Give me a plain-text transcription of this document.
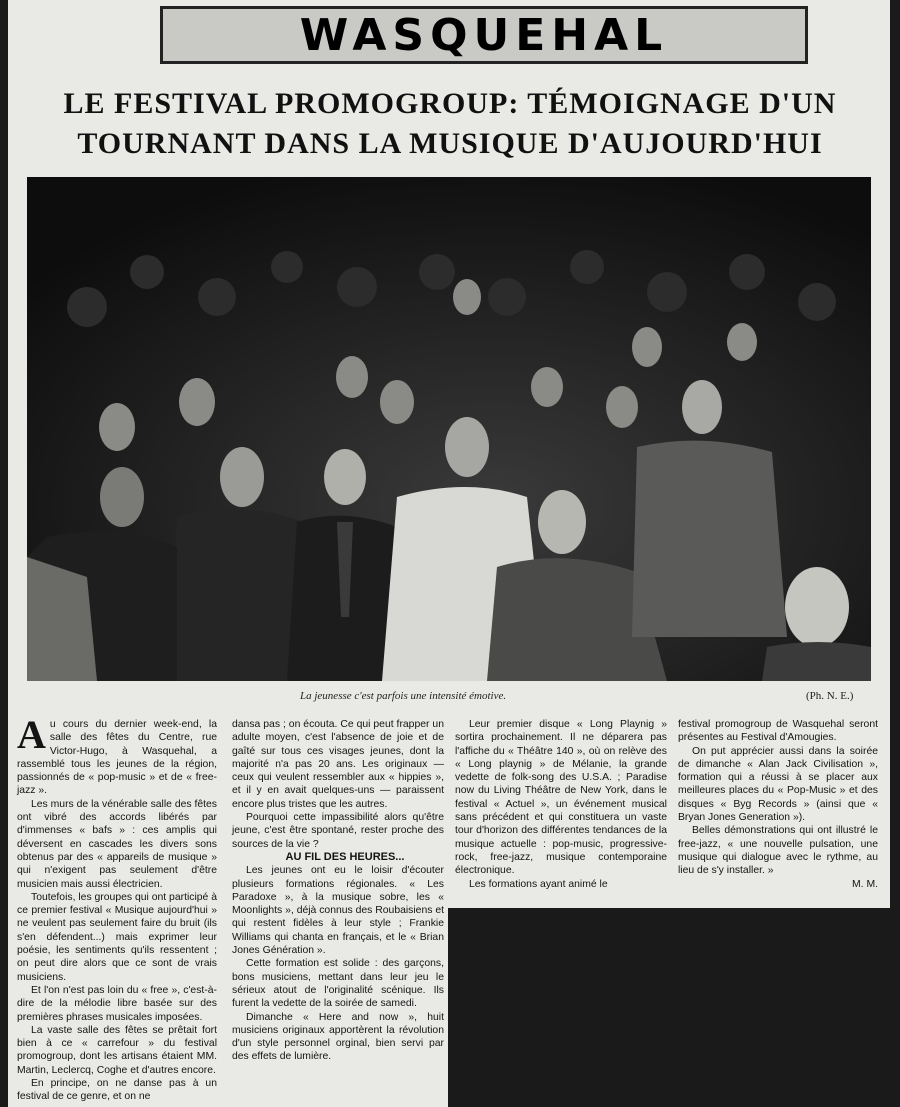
WASQUEHAL
LE FESTIVAL PROMOGROUP: TÉMOIGNAGE D'UN
TOURNANT DANS LA MUSIQUE D'AUJOURD'HUI
La jeunesse c'est parfois une intensité émotive.	(Ph. N. E.)

Au cours du dernier week-end, la salle des fêtes du Centre, rue Victor-Hugo, à Wasquehal, a rassemblé tous les jeunes de la région, passionnés de « pop-music » et de « free-jazz ».

Les murs de la vénérable salle des fêtes ont vibré des accords libérés par d'immenses « bafs » : ces amplis qui déversent en cascades les divers sons obtenus par des « appareils de musique » qui n'exigent pas seulement d'être musicien mais aussi électricien.

Toutefois, les groupes qui ont participé à ce premier festival « Musique aujourd'hui » ne veulent pas seulement faire du bruit (ils s'en défendent...) mais exprimer leur poésie, les sentiments qu'ils ressentent ; on peut dire alors que ce sont de vrais musiciens.

Et l'on n'est pas loin du « free », c'est-à-dire de la mélodie libre basée sur des premières phrases musicales imposées.

La vaste salle des fêtes se prêtait fort bien à ce « carrefour » du festival promogroup, dont les artisans étaient MM. Martin, Leclercq, Coghe et d'autres encore.

En principe, on ne danse pas à un festival de ce genre, et on ne

dansa pas ; on écouta. Ce qui peut frapper un adulte moyen, c'est l'absence de joie et de gaîté sur tous ces visages jeunes, dont la majorité n'a pas 20 ans. Les originaux — ceux qui veulent ressembler aux « hippies », et il y en avait quelques-uns — paraissent encore plus tristes que les autres.

Pourquoi cette impassibilité alors qu'être jeune, c'est être spontané, rester proche des sources de la vie ?

AU FIL DES HEURES...

Les jeunes ont eu le loisir d'écouter plusieurs formations régionales. « Les Paradoxe », à la musique sobre, les « Moonlights », déjà connus des Roubaisiens et qui restent fidèles à leur style ; Frankie Williams qui chanta en français, et le « Brian Jones Génération ».

Cette formation est solide : des garçons, bons musiciens, mettant dans leur jeu le sérieux atout de l'originalité scénique. Ils furent la vedette de la soirée de samedi.

Dimanche « Here and now », huit musiciens originaux apportèrent la révolution d'un style personnel orginal, bien servi par des effets de lumière.

Leur premier disque « Long Playnig » sortira prochainement. Il ne déparera pas l'affiche du « Théâtre 140 », où on relève des « Long playnig » de Mélanie, la grande vedette de folk-song des U.S.A. ; Paradise now du Living Théâtre de New York, dans le festival « Actuel », un événement musical sans précédent et qui constituera un vaste tour d'horizon des différentes tendances de la musique actuelle : pop-music, progressive-rock, free-jazz, musique contemporaine électronique.

Les formations ayant animé le

festival promogroup de Wasquehal seront présentes au Festival d'Amougies.

On put apprécier aussi dans la soirée de dimanche « Alan Jack Civilisation », formation qui a réussi à se placer aux meilleures places du « Pop-Music » et des disques « Byg Records » (ainsi que « Bryan Jones Generation »).

Belles démonstrations qui ont illustré le free-jazz, « une nouvelle pulsation, une musique qui dialogue avec le rythme, au lieu de s'y installer. »

M. M.
